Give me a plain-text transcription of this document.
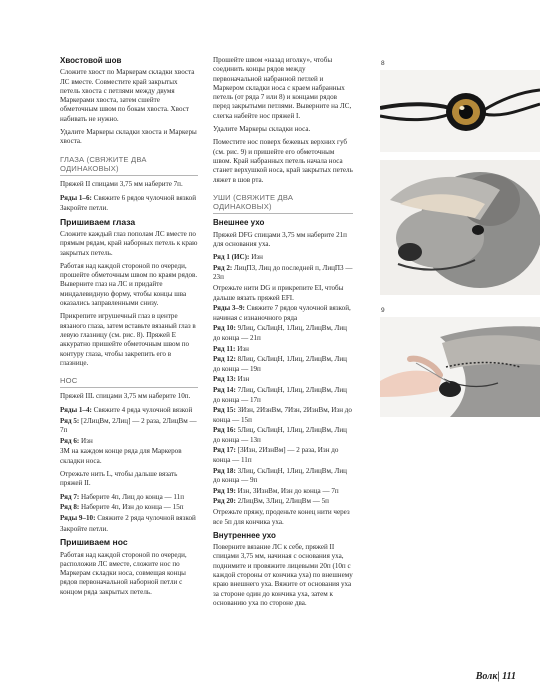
Хвостовой шов

Сложите хвост по Маркерам складки хвоста ЛС вместе. Совместите край закрытых петель хвоста с петлями между двумя Маркерами хвоста, затем сшейте обметочным швом по бокам хвоста. Хвост набивать не нужно.

Удалите Маркеры складки хвоста и Маркеры хвоста.

ГЛАЗА (СВЯЖИТЕ ДВА ОДИНАКОВЫХ)

Пряжей II спицами 3,75 мм наберите 7п.

Ряды 1–6: Свяжите 6 рядов чулочной вязкой

Закройте петли.

Пришиваем глаза

Сложите каждый глаз пополам ЛС вместе по прямым рядам, край наборных петель к краю закрытых петель.

Работая над каждой стороной по очереди, прошейте обметочным швом по краям рядов. Выверните глаз на ЛС и придайте миндалевидную форму, чтобы концы шва оказались заправленными снизу.

Прикрепите игрушечный глаз в центре вязаного глаза, затем вставьте вязаный глаз в левую глазницу (см. рис. 8). Пряжей E аккуратно пришейте обметочным швом по контуру глаза, чтобы закрепить его в глазнице.

НОС

Пряжей IIL спицами 3,75 мм наберите 10п.

Ряды 1–4: Свяжите 4 ряда чулочной вязкой

Ряд 5: [2ЛицВм, 2Лиц] — 2 раза, 2ЛицВм — 7п

Ряд 6: Изн

ЗМ на каждом конце ряда для Маркеров складки носа.

Отрежьте нить L, чтобы дальше вязать пряжей II.

Ряд 7: Наберите 4п, Лиц до конца — 11п

Ряд 8: Наберите 4п, Изн до конца — 15п

Ряды 9–10: Свяжите 2 ряда чулочной вязкой

Закройте петли.

Пришиваем нос

Работая над каждой стороной по очереди, расположив ЛС вместе, сложите нос по Маркерам складки носа, совмещая концы рядов первоначальной наборной петли с концом ряда закрытых петель.

Прошейте швом «назад иголку», чтобы соединить концы рядов между первоначальной набранной петлей и Маркером складки носа с краем набранных петель (от ряда 7 или 8) и концами рядов перед закрытыми петлями. Выверните на ЛС, слегка набейте нос пряжей I.

Удалите Маркеры складки носа.

Поместите нос поверх бежевых верхних губ (см. рис. 9) и пришейте его обметочным швом. Край набранных петель начала носа станет верхушкой носа, край закрытых петель ляжет в шов рта.

УШИ (СВЯЖИТЕ ДВА ОДИНАКОВЫХ)
Внешнее ухо

Пряжей DFG спицами 3,75 мм наберите 21п для основания уха.

Ряд 1 (ИС): Изн

Ряд 2: ЛицП3, Лиц до последней п, ЛицП3 — 23п

Отрежьте нити DG и прикрепите EI, чтобы дальше вязать пряжей EFI.

Ряды 3–9: Свяжите 7 рядов чулочной вязкой, начиная с изнаночного ряда

Ряд 10: 9Лиц, СкЛицН, 1Лиц, 2ЛицВм, Лиц до конца — 21п

Ряд 11: Изн

Ряд 12: 8Лиц, СкЛицН, 1Лиц, 2ЛицВм, Лиц до конца — 19п

Ряд 13: Изн

Ряд 14: 7Лиц, СкЛицН, 1Лиц, 2ЛицВм, Лиц до конца — 17п

Ряд 15: 3Изн, 2ИзнВм, 7Изн, 2ИзнВм, Изн до конца — 15п

Ряд 16: 5Лиц, СкЛицН, 1Лиц, 2ЛицВм, Лиц до конца — 13п

Ряд 17: [3Изн, 2ИзнВм] — 2 раза, Изн до конца — 11п

Ряд 18: 3Лиц, СкЛицН, 1Лиц, 2ЛицВм, Лиц до конца — 9п

Ряд 19: Изн, 3ИзнВм, Изн до конца — 7п

Ряд 20: 2ЛицВм, 3Лиц, 2ЛицВм — 5п

Отрежьте пряжу, проденьте конец нити через все 5п для кончика уха.

Внутреннее ухо

Поверните вязание ЛС к себе, пряжей II спицами 3,75 мм, начиная с основания уха, поднимите и провяжите лицевыми 20п (10п с каждой стороны от кончика уха) по внешнему краю внешнего уха. Вяжите от основания уха за стороне один до кончика уха, затем к основанию уха по стороне два.

8
9
Волк| 111
